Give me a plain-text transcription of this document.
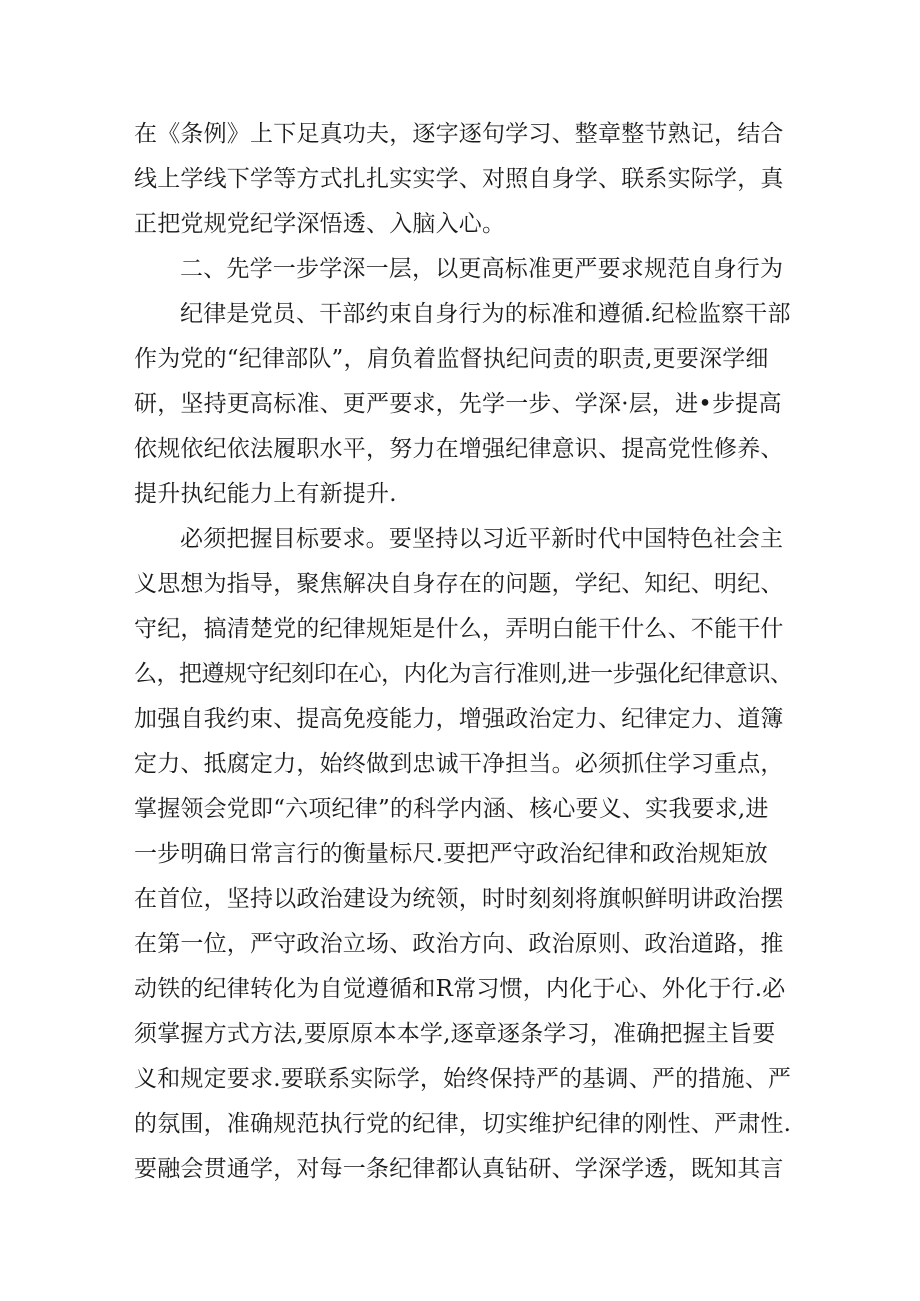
在《条例》上下足真功夫，逐字逐句学习、整章整节熟记，结合
线上学线下学等方式扎扎实实学、对照自身学、联系实际学，真
正把党规党纪学深悟透、入脑入心。
二、先学一步学深一层，以更高标准更严要求规范自身行为
纪律是党员、干部约束自身行为的标准和遵循.纪检监察干部
作为党的“纪律部队”，肩负着监督执纪问责的职责,更要深学细
研，坚持更高标准、更严要求，先学一步、学深·层，进•步提高
依规依纪依法履职水平，努力在增强纪律意识、提高党性修养、
提升执纪能力上有新提升.
必须把握目标要求。要坚持以习近平新时代中国特色社会主
义思想为指导，聚焦解决自身存在的问题，学纪、知纪、明纪、
守纪，搞清楚党的纪律规矩是什么，弄明白能干什么、不能干什
么，把遵规守纪刻印在心，内化为言行准则,进一步强化纪律意识、
加强自我约束、提高免疫能力，增强政治定力、纪律定力、道簿
定力、抵腐定力，始终做到忠诚干净担当。必须抓住学习重点，
掌握领会党即“六项纪律”的科学内涵、核心要义、实我要求,进
一步明确日常言行的衡量标尺.要把严守政治纪律和政治规矩放
在首位，坚持以政治建设为统领，时时刻刻将旗帜鲜明讲政治摆
在第一位，严守政治立场、政治方向、政治原则、政治道路，推
动铁的纪律转化为自觉遵循和R常习惯，内化于心、外化于行.必
须掌握方式方法,要原原本本学,逐章逐条学习，准确把握主旨要
义和规定要求.要联系实际学，始终保持严的基调、严的措施、严
的氛围，准确规范执行党的纪律，切实维护纪律的刚性、严肃性.
要融会贯通学，对每一条纪律都认真钻研、学深学透，既知其言
